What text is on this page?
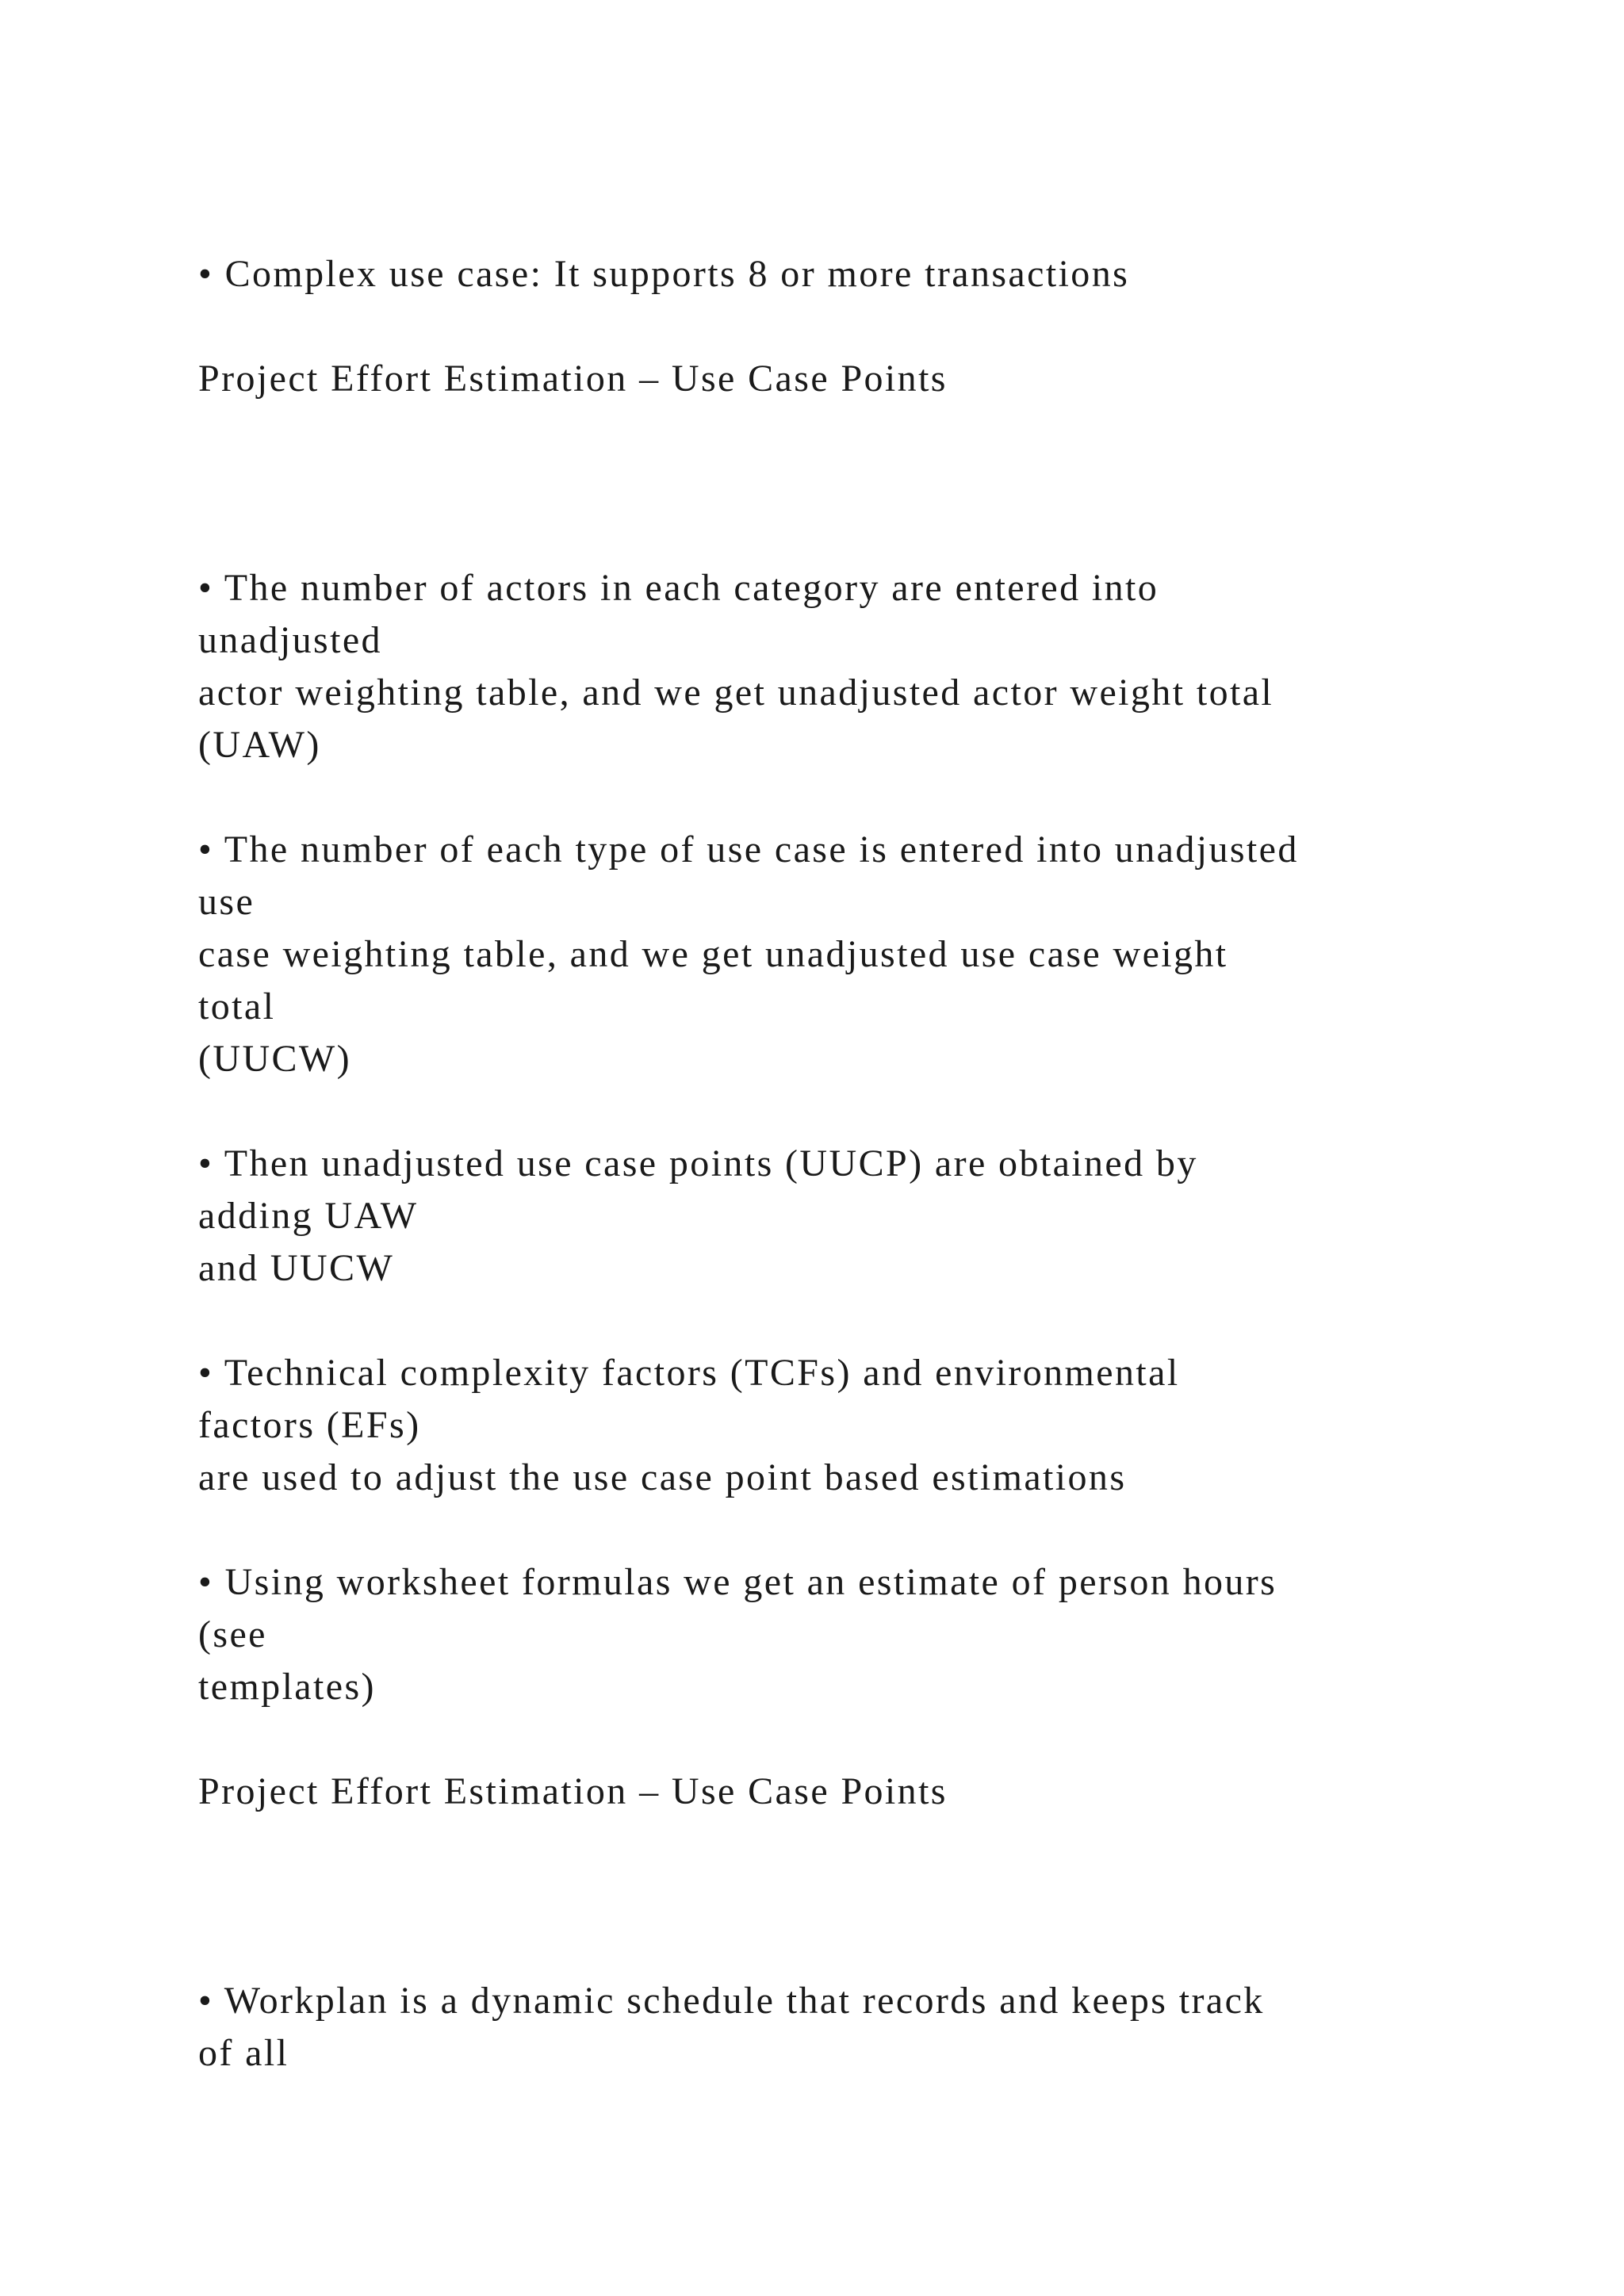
• Complex use case: It supports 8 or more transactions
Project Effort Estimation – Use Case Points
• The number of actors in each category are entered into
unadjusted
actor weighting table, and we get unadjusted actor weight total
(UAW)
• The number of each type of use case is entered into unadjusted
use
case weighting table, and we get unadjusted use case weight
total
(UUCW)
• Then unadjusted use case points (UUCP) are obtained by
adding UAW
and UUCW
• Technical complexity factors (TCFs) and environmental
factors (EFs)
are used to adjust the use case point based estimations
• Using worksheet formulas we get an estimate of person hours
(see
templates)
Project Effort Estimation – Use Case Points
• Workplan is a dynamic schedule that records and keeps track
of all
